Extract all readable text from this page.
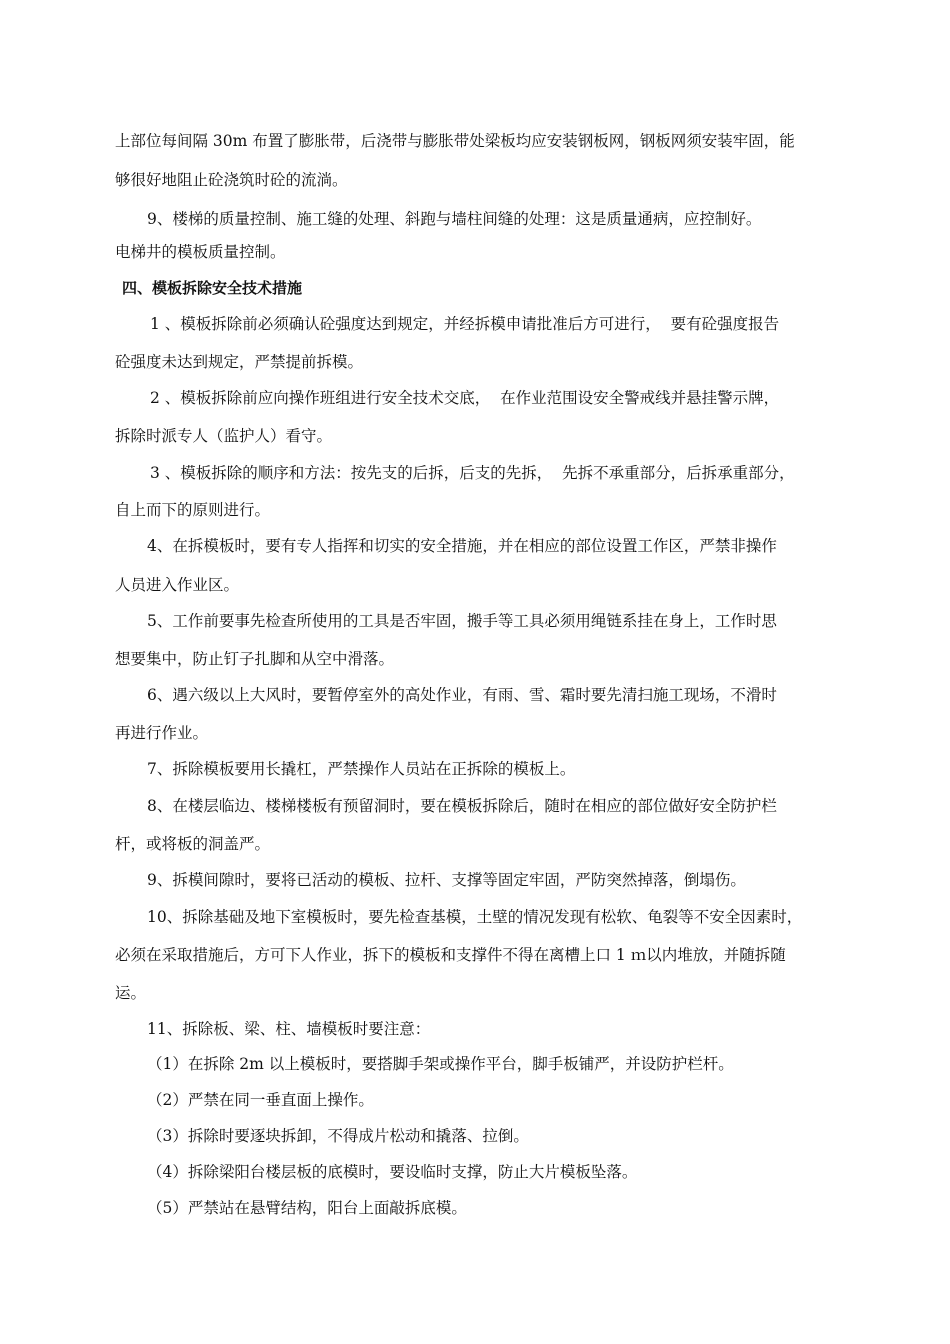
上部位每间隔 30m 布置了膨胀带，后浇带与膨胀带处梁板均应安装钢板网，钢板网须安装牢固，能
够很好地阻止砼浇筑时砼的流淌。
9、楼梯的质量控制、施工缝的处理、斜跑与墙柱间缝的处理：这是质量通病，应控制好。
电梯井的模板质量控制。
四、模板拆除安全技术措施
1 、模板拆除前必须确认砼强度达到规定，并经拆模申请批准后方可进行，  要有砼强度报告
砼强度未达到规定，严禁提前拆模。
2 、模板拆除前应向操作班组进行安全技术交底，  在作业范围设安全警戒线并悬挂警示牌，
拆除时派专人（监护人）看守。
3 、模板拆除的顺序和方法：按先支的后拆，后支的先拆，  先拆不承重部分，后拆承重部分，
自上而下的原则进行。
4、在拆模板时，要有专人指挥和切实的安全措施，并在相应的部位设置工作区，严禁非操作
人员进入作业区。
5、工作前要事先检查所使用的工具是否牢固，搬手等工具必须用绳链系挂在身上，工作时思
想要集中，防止钉子扎脚和从空中滑落。
6、遇六级以上大风时，要暂停室外的高处作业，有雨、雪、霜时要先清扫施工现场，不滑时
再进行作业。
7、拆除模板要用长撬杠，严禁操作人员站在正拆除的模板上。
8、在楼层临边、楼梯楼板有预留洞时，要在模板拆除后，随时在相应的部位做好安全防护栏
杆，或将板的洞盖严。
9、拆模间隙时，要将已活动的模板、拉杆、支撑等固定牢固，严防突然掉落，倒塌伤。
10、拆除基础及地下室模板时，要先检查基模，土壁的情况发现有松软、龟裂等不安全因素时，
必须在采取措施后，方可下人作业，拆下的模板和支撑件不得在离槽上口 1 ｍ以内堆放，并随拆随
运。
11、拆除板、梁、柱、墙模板时要注意：
（1）在拆除 2m 以上模板时，要搭脚手架或操作平台，脚手板铺严，并设防护栏杆。
（2）严禁在同一垂直面上操作。
（3）拆除时要逐块拆卸，不得成片松动和撬落、拉倒。
（4）拆除梁阳台楼层板的底模时，要设临时支撑，防止大片模板坠落。
（5）严禁站在悬臂结构，阳台上面敲拆底模。
